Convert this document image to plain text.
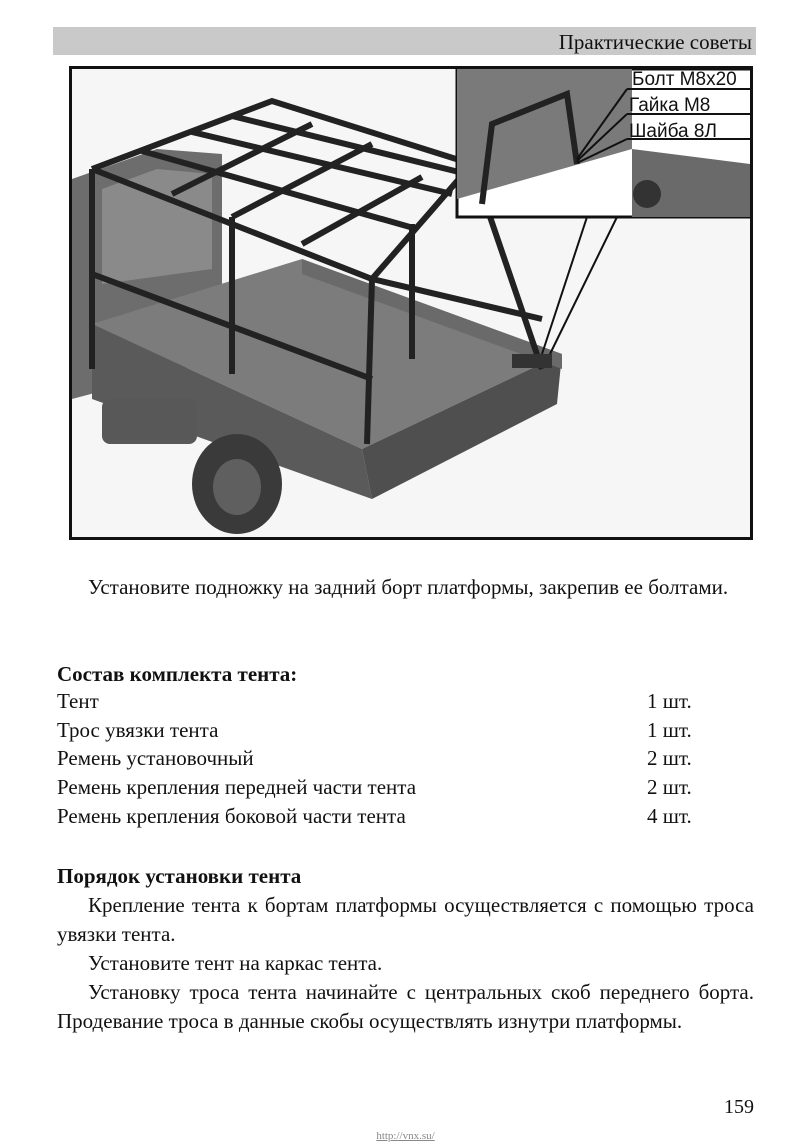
Практические советы
Болт М8х20
Гайка М8
Шайба 8Л

Установите подножку на задний борт платформы, закрепив ее болтами.

Состав комплекта тента:

Тент	1 шт.
Трос увязки тента	1 шт.
Ремень установочный	2 шт.
Ремень крепления передней части тента	2 шт.
Ремень крепления боковой части тента	4 шт.

Порядок установки тента

Крепление тента к бортам платформы осуществляется с помощью троса увязки тента.

Установите тент на каркас тента.

Установку троса тента начинайте с центральных скоб переднего борта. Продевание троса в данные скобы осуществлять изнутри платформы.

159
http://vnx.su/
